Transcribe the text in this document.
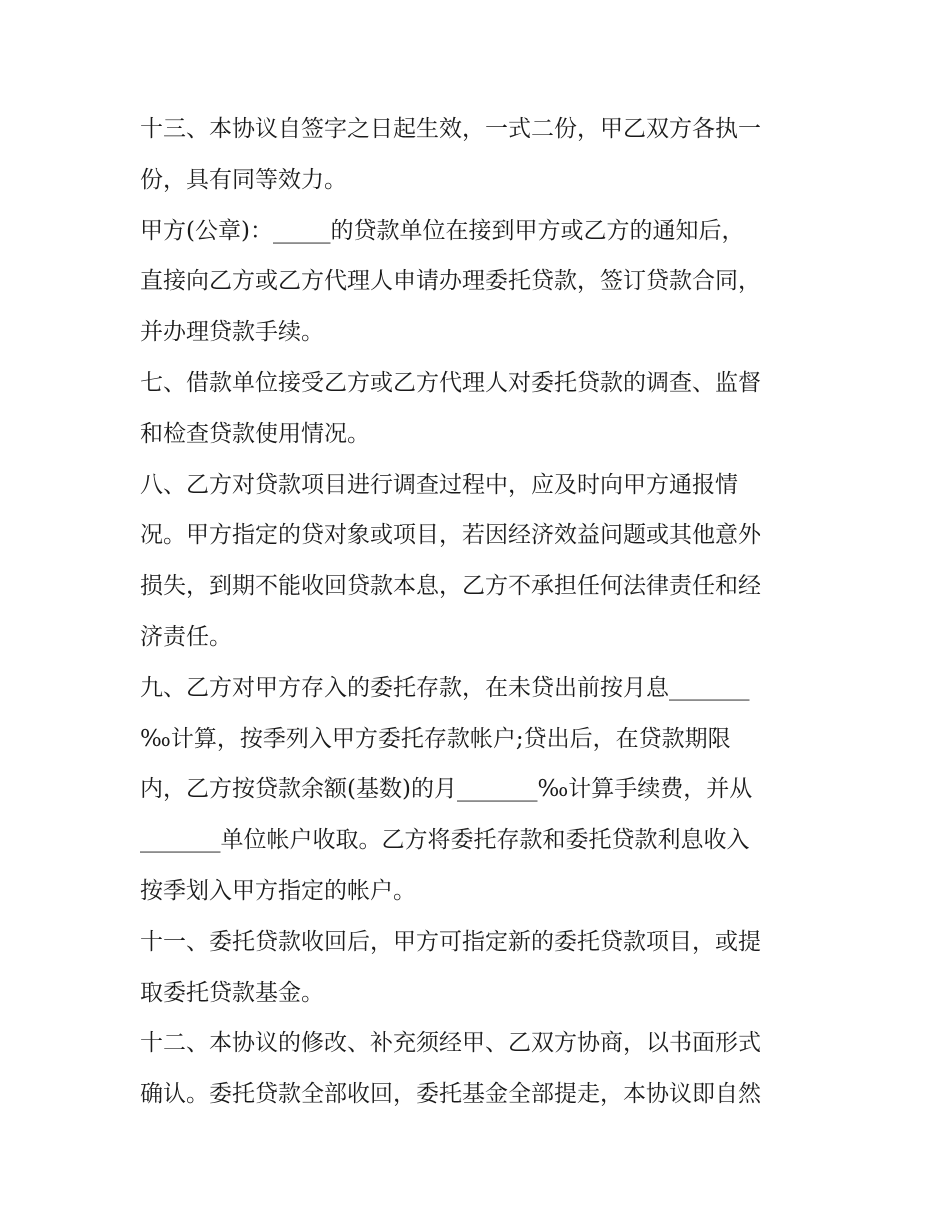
十三、本协议自签字之日起生效，一式二份，甲乙双方各执一
份，具有同等效力。
甲方(公章)：_____的贷款单位在接到甲方或乙方的通知后，
直接向乙方或乙方代理人申请办理委托贷款，签订贷款合同，
并办理贷款手续。
七、借款单位接受乙方或乙方代理人对委托贷款的调查、监督
和检查贷款使用情况。
八、乙方对贷款项目进行调查过程中，应及时向甲方通报情
况。甲方指定的贷对象或项目，若因经济效益问题或其他意外
损失，到期不能收回贷款本息，乙方不承担任何法律责任和经
济责任。
九、乙方对甲方存入的委托存款，在未贷出前按月息_______
‰计算，按季列入甲方委托存款帐户;贷出后，在贷款期限
内，乙方按贷款余额(基数)的月_______‰计算手续费，并从
_______单位帐户收取。乙方将委托存款和委托贷款利息收入
按季划入甲方指定的帐户。
十一、委托贷款收回后，甲方可指定新的委托贷款项目，或提
取委托贷款基金。
十二、本协议的修改、补充须经甲、乙双方协商，以书面形式
确认。委托贷款全部收回，委托基金全部提走，本协议即自然
